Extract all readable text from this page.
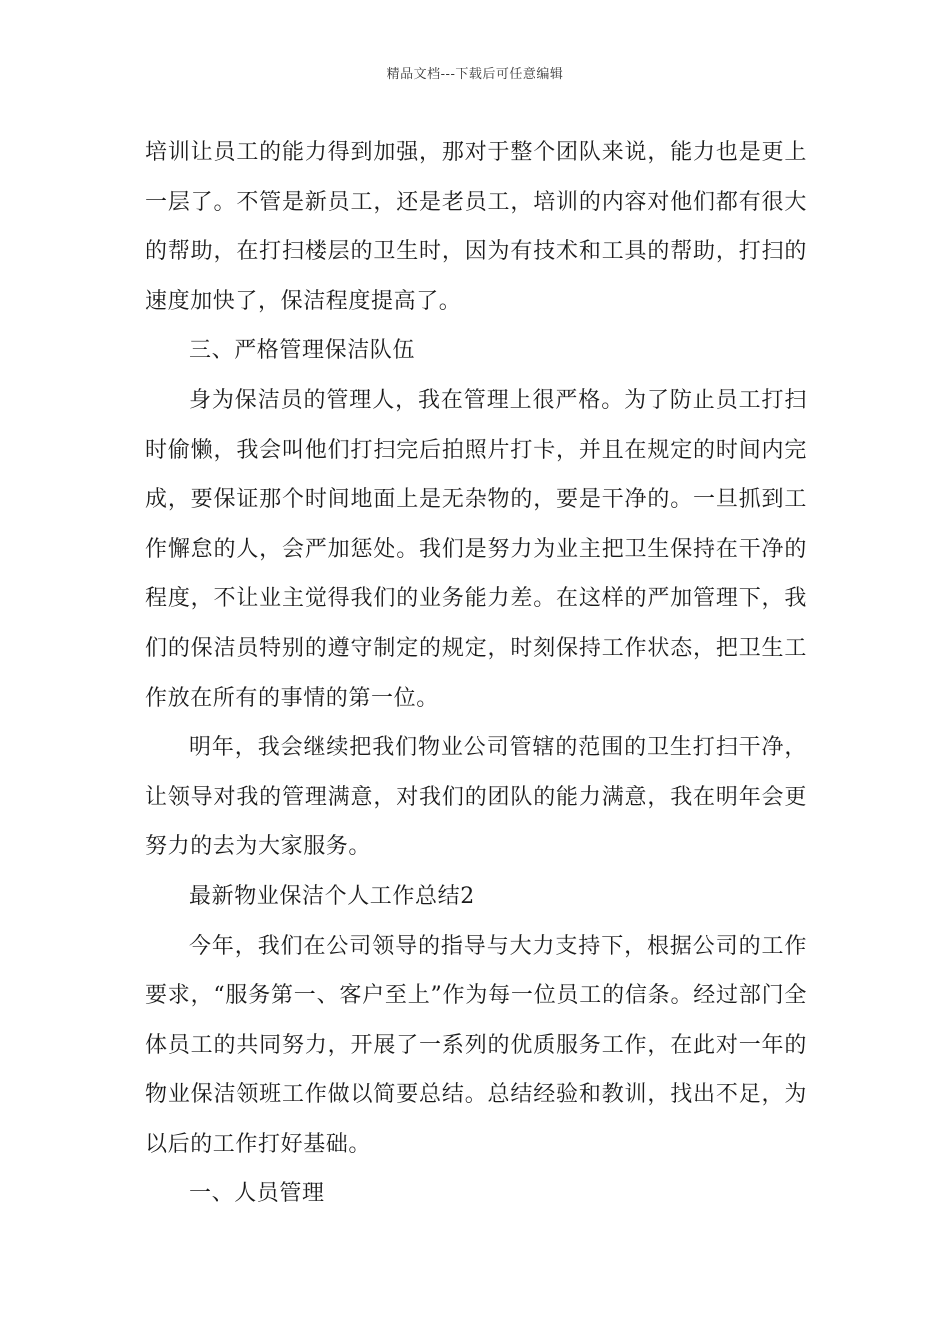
精品文档---下载后可任意编辑

培训让员工的能力得到加强，那对于整个团队来说，能力也是更上一层了。不管是新员工，还是老员工，培训的内容对他们都有很大的帮助，在打扫楼层的卫生时，因为有技术和工具的帮助，打扫的速度加快了，保洁程度提高了。

三、严格管理保洁队伍

身为保洁员的管理人，我在管理上很严格。为了防止员工打扫时偷懒，我会叫他们打扫完后拍照片打卡，并且在规定的时间内完成，要保证那个时间地面上是无杂物的，要是干净的。一旦抓到工作懈怠的人，会严加惩处。我们是努力为业主把卫生保持在干净的程度，不让业主觉得我们的业务能力差。在这样的严加管理下，我们的保洁员特别的遵守制定的规定，时刻保持工作状态，把卫生工作放在所有的事情的第一位。

明年，我会继续把我们物业公司管辖的范围的卫生打扫干净，让领导对我的管理满意，对我们的团队的能力满意，我在明年会更努力的去为大家服务。

最新物业保洁个人工作总结2

今年，我们在公司领导的指导与大力支持下，根据公司的工作要求，“服务第一、客户至上”作为每一位员工的信条。经过部门全体员工的共同努力，开展了一系列的优质服务工作，在此对一年的物业保洁领班工作做以简要总结。总结经验和教训，找出不足，为以后的工作打好基础。

一、人员管理
